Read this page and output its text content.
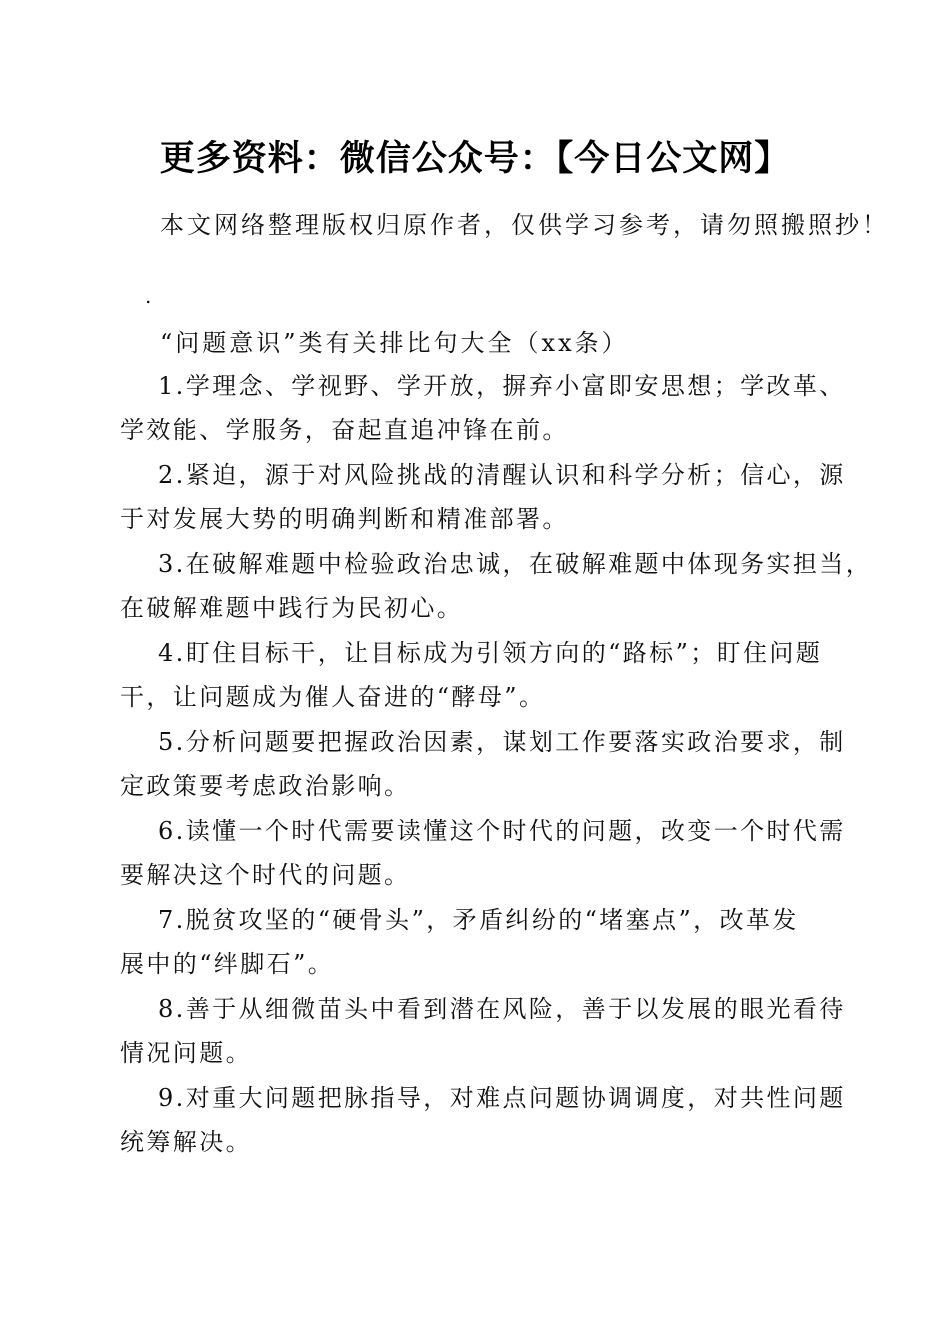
更多资料：微信公众号：【今日公文网】
本文网络整理版权归原作者，仅供学习参考，请勿照搬照抄！
.
“问题意识”类有关排比句大全（xx条）
1.学理念、学视野、学开放，摒弃小富即安思想；学改革、
学效能、学服务，奋起直追冲锋在前。
2.紧迫，源于对风险挑战的清醒认识和科学分析；信心，源
于对发展大势的明确判断和精准部署。
3.在破解难题中检验政治忠诚，在破解难题中体现务实担当，
在破解难题中践行为民初心。
4.盯住目标干，让目标成为引领方向的“路标”；盯住问题
干，让问题成为催人奋进的“酵母”。
5.分析问题要把握政治因素，谋划工作要落实政治要求，制
定政策要考虑政治影响。
6.读懂一个时代需要读懂这个时代的问题，改变一个时代需
要解决这个时代的问题。
7.脱贫攻坚的“硬骨头”，矛盾纠纷的“堵塞点”，改革发
展中的“绊脚石”。
8.善于从细微苗头中看到潜在风险，善于以发展的眼光看待
情况问题。
9.对重大问题把脉指导，对难点问题协调调度，对共性问题
统筹解决。
